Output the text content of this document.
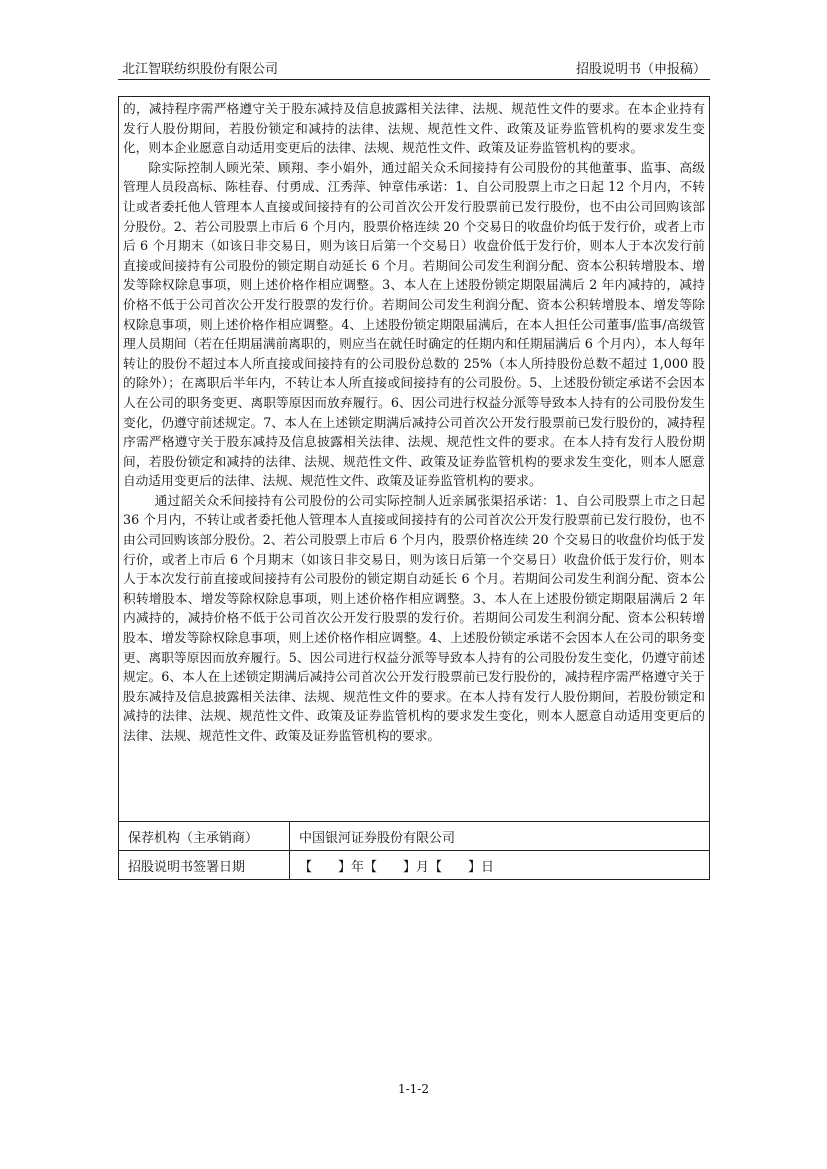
北江智联纺织股份有限公司	招股说明书（申报稿）

的，减持程序需严格遵守关于股东减持及信息披露相关法律、法规、规范性文件的要求。在本企业持有发行人股份期间，若股份锁定和减持的法律、法规、规范性文件、政策及证券监管机构的要求发生变化，则本企业愿意自动适用变更后的法律、法规、规范性文件、政策及证券监管机构的要求。

除实际控制人顾光荣、顾翔、李小娟外，通过韶关众禾间接持有公司股份的其他董事、监事、高级管理人员段高标、陈桂春、付勇成、江秀萍、钟章伟承诺：1、自公司股票上市之日起 12 个月内，不转让或者委托他人管理本人直接或间接持有的公司首次公开发行股票前已发行股份，也不由公司回购该部分股份。2、若公司股票上市后 6 个月内，股票价格连续 20 个交易日的收盘价均低于发行价，或者上市后 6 个月期末（如该日非交易日，则为该日后第一个交易日）收盘价低于发行价，则本人于本次发行前直接或间接持有公司股份的锁定期自动延长 6 个月。若期间公司发生利润分配、资本公积转增股本、增发等除权除息事项，则上述价格作相应调整。3、本人在上述股份锁定期限届满后 2 年内减持的，减持价格不低于公司首次公开发行股票的发行价。若期间公司发生利润分配、资本公积转增股本、增发等除权除息事项，则上述价格作相应调整。4、上述股份锁定期限届满后，在本人担任公司董事/监事/高级管理人员期间（若在任期届满前离职的，则应当在就任时确定的任期内和任期届满后 6 个月内），本人每年转让的股份不超过本人所直接或间接持有的公司股份总数的 25%（本人所持股份总数不超过 1,000 股的除外）；在离职后半年内，不转让本人所直接或间接持有的公司股份。5、上述股份锁定承诺不会因本人在公司的职务变更、离职等原因而放弃履行。6、因公司进行权益分派等导致本人持有的公司股份发生变化，仍遵守前述规定。7、本人在上述锁定期满后减持公司首次公开发行股票前已发行股份的，减持程序需严格遵守关于股东减持及信息披露相关法律、法规、规范性文件的要求。在本人持有发行人股份期间，若股份锁定和减持的法律、法规、规范性文件、政策及证券监管机构的要求发生变化，则本人愿意自动适用变更后的法律、法规、规范性文件、政策及证券监管机构的要求。

通过韶关众禾间接持有公司股份的公司实际控制人近亲属张渠招承诺：1、自公司股票上市之日起 36 个月内，不转让或者委托他人管理本人直接或间接持有的公司首次公开发行股票前已发行股份，也不由公司回购该部分股份。2、若公司股票上市后 6 个月内，股票价格连续 20 个交易日的收盘价均低于发行价，或者上市后 6 个月期末（如该日非交易日，则为该日后第一个交易日）收盘价低于发行价，则本人于本次发行前直接或间接持有公司股份的锁定期自动延长 6 个月。若期间公司发生利润分配、资本公积转增股本、增发等除权除息事项，则上述价格作相应调整。3、本人在上述股份锁定期限届满后 2 年内减持的，减持价格不低于公司首次公开发行股票的发行价。若期间公司发生利润分配、资本公积转增股本、增发等除权除息事项，则上述价格作相应调整。4、上述股份锁定承诺不会因本人在公司的职务变更、离职等原因而放弃履行。5、因公司进行权益分派等导致本人持有的公司股份发生变化，仍遵守前述规定。6、本人在上述锁定期满后减持公司首次公开发行股票前已发行股份的，减持程序需严格遵守关于股东减持及信息披露相关法律、法规、规范性文件的要求。在本人持有发行人股份期间，若股份锁定和减持的法律、法规、规范性文件、政策及证券监管机构的要求发生变化，则本人愿意自动适用变更后的法律、法规、规范性文件、政策及证券监管机构的要求。

保荐机构（主承销商）	中国银河证券股份有限公司
招股说明书签署日期	【　　】年【　　】月【　　】日
1-1-2
